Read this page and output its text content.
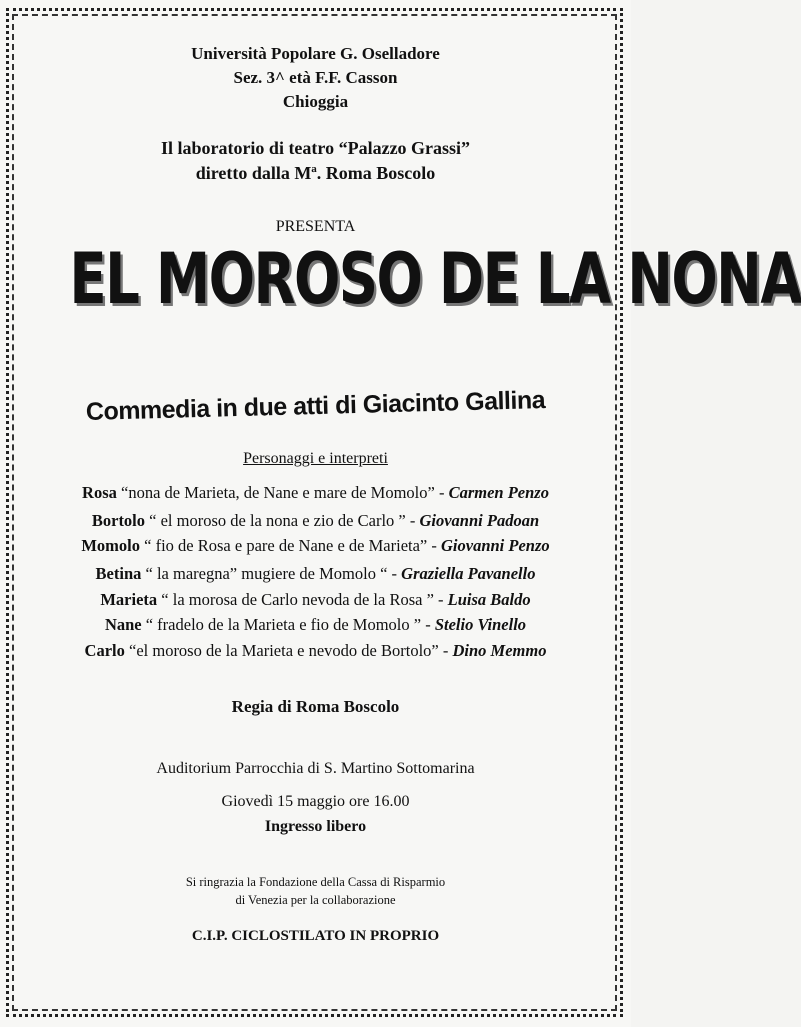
Università Popolare G. Oselladore
Sez. 3^ età F.F. Casson
Chioggia
Il laboratorio di teatro “Palazzo Grassi”
diretto dalla Mª. Roma Boscolo
PRESENTA
EL MOROSO DE LA NONA
Commedia in due atti di Giacinto Gallina
Personaggi e interpreti
Rosa “nona de Marieta, de Nane e mare de Momolo” - Carmen Penzo
Bortolo “ el moroso de la nona e zio de Carlo ” - Giovanni Padoan
Momolo “ fio de Rosa e pare de Nane e de Marieta” - Giovanni Penzo
Betina “ la maregna” mugiere de Momolo “ - Graziella Pavanello
Marieta “ la morosa de Carlo nevoda de la Rosa ” - Luisa Baldo
Nane “ fradelo de la Marieta e fio de Momolo ” - Stelio Vinello
Carlo “el moroso de la Marieta e nevodo de Bortolo” - Dino Memmo
Regia di Roma Boscolo
Auditorium Parrocchia di S. Martino Sottomarina
Giovedì 15 maggio ore 16.00
Ingresso libero
Si ringrazia la Fondazione della Cassa di Risparmio
di Venezia per la collaborazione
C.I.P. CICLOSTILATO IN PROPRIO
